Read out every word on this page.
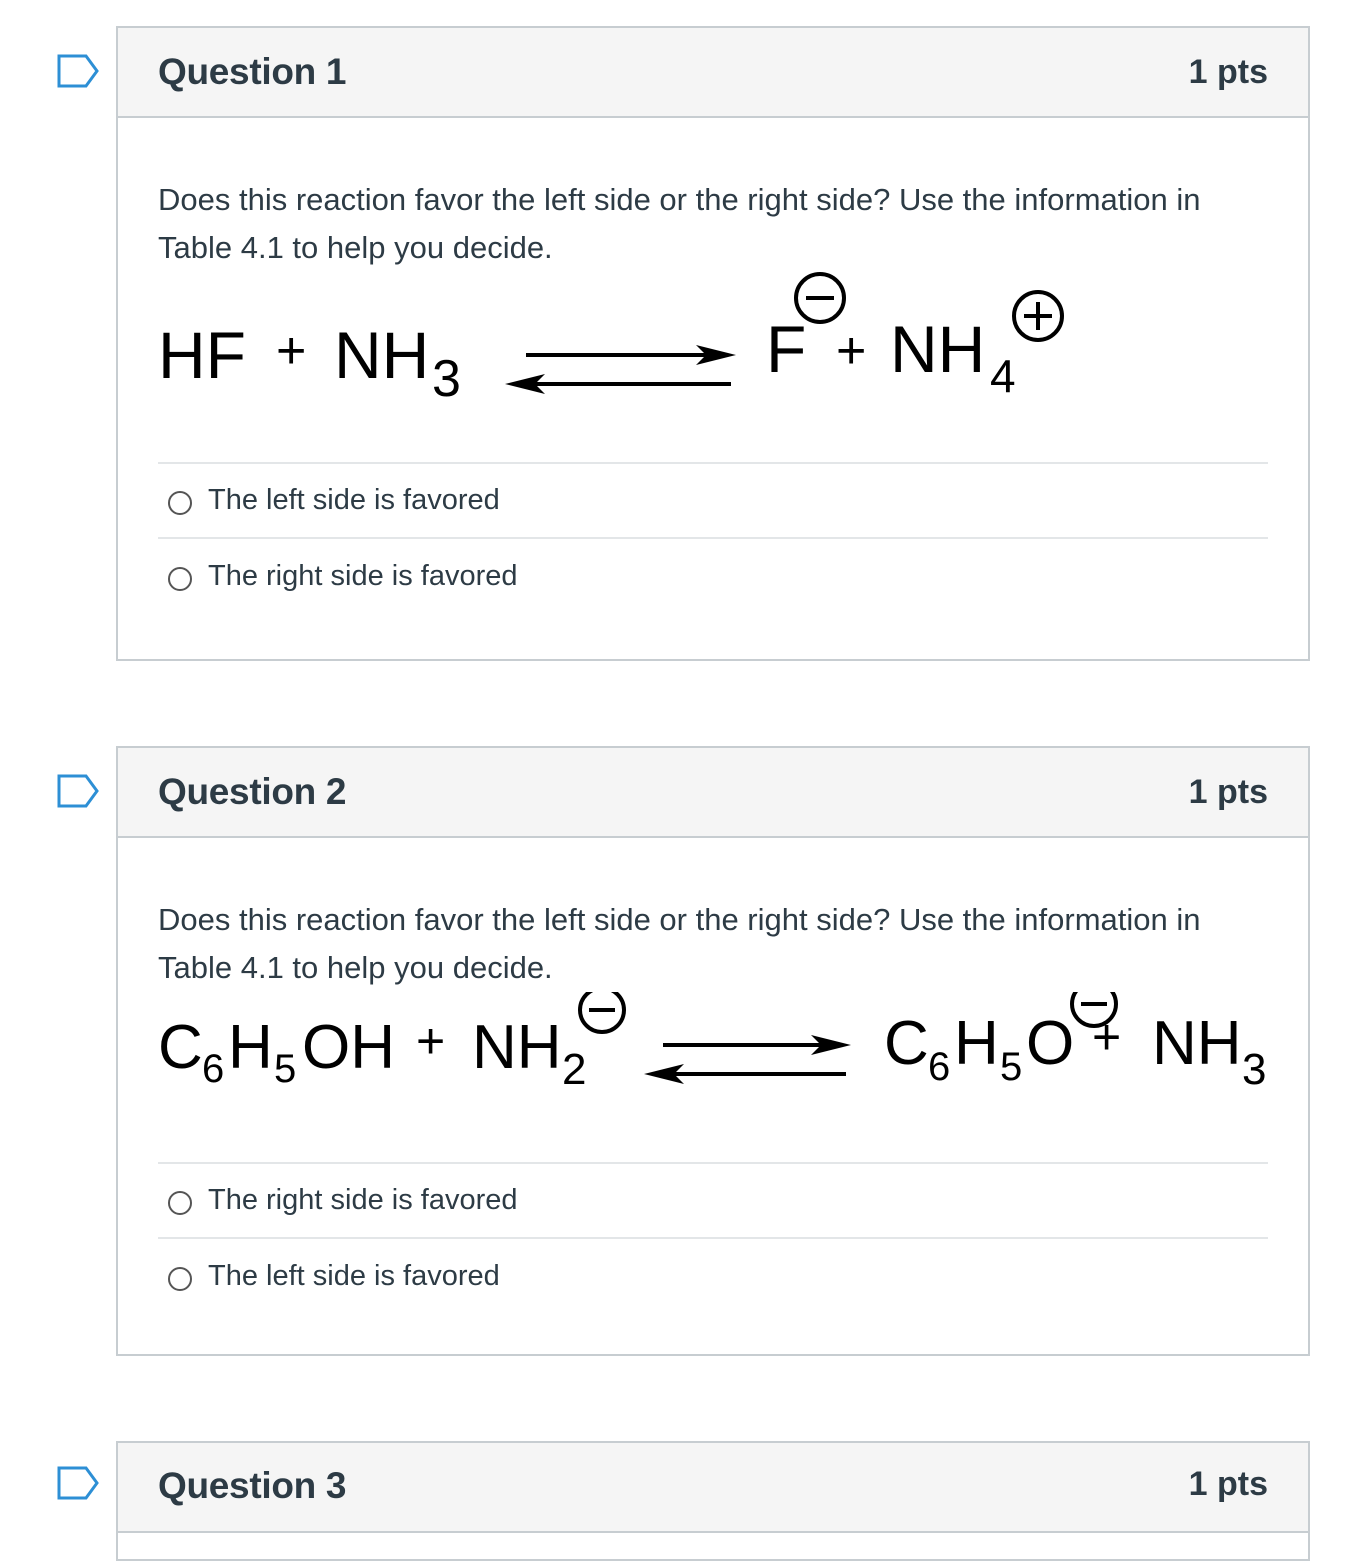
Question 1	1 pts

Does this reaction favor the left side or the right side? Use the information in Table 4.1 to help you decide.

HF + NH 3	F + NH 4
The left side is favored
The right side is favored
Question 2	1 pts

Does this reaction favor the left side or the right side? Use the information in Table 4.1 to help you decide.

C 6 H 5 OH + NH 2	C 6 H 5 O + NH 3
The right side is favored
The left side is favored
Question 3	1 pts
